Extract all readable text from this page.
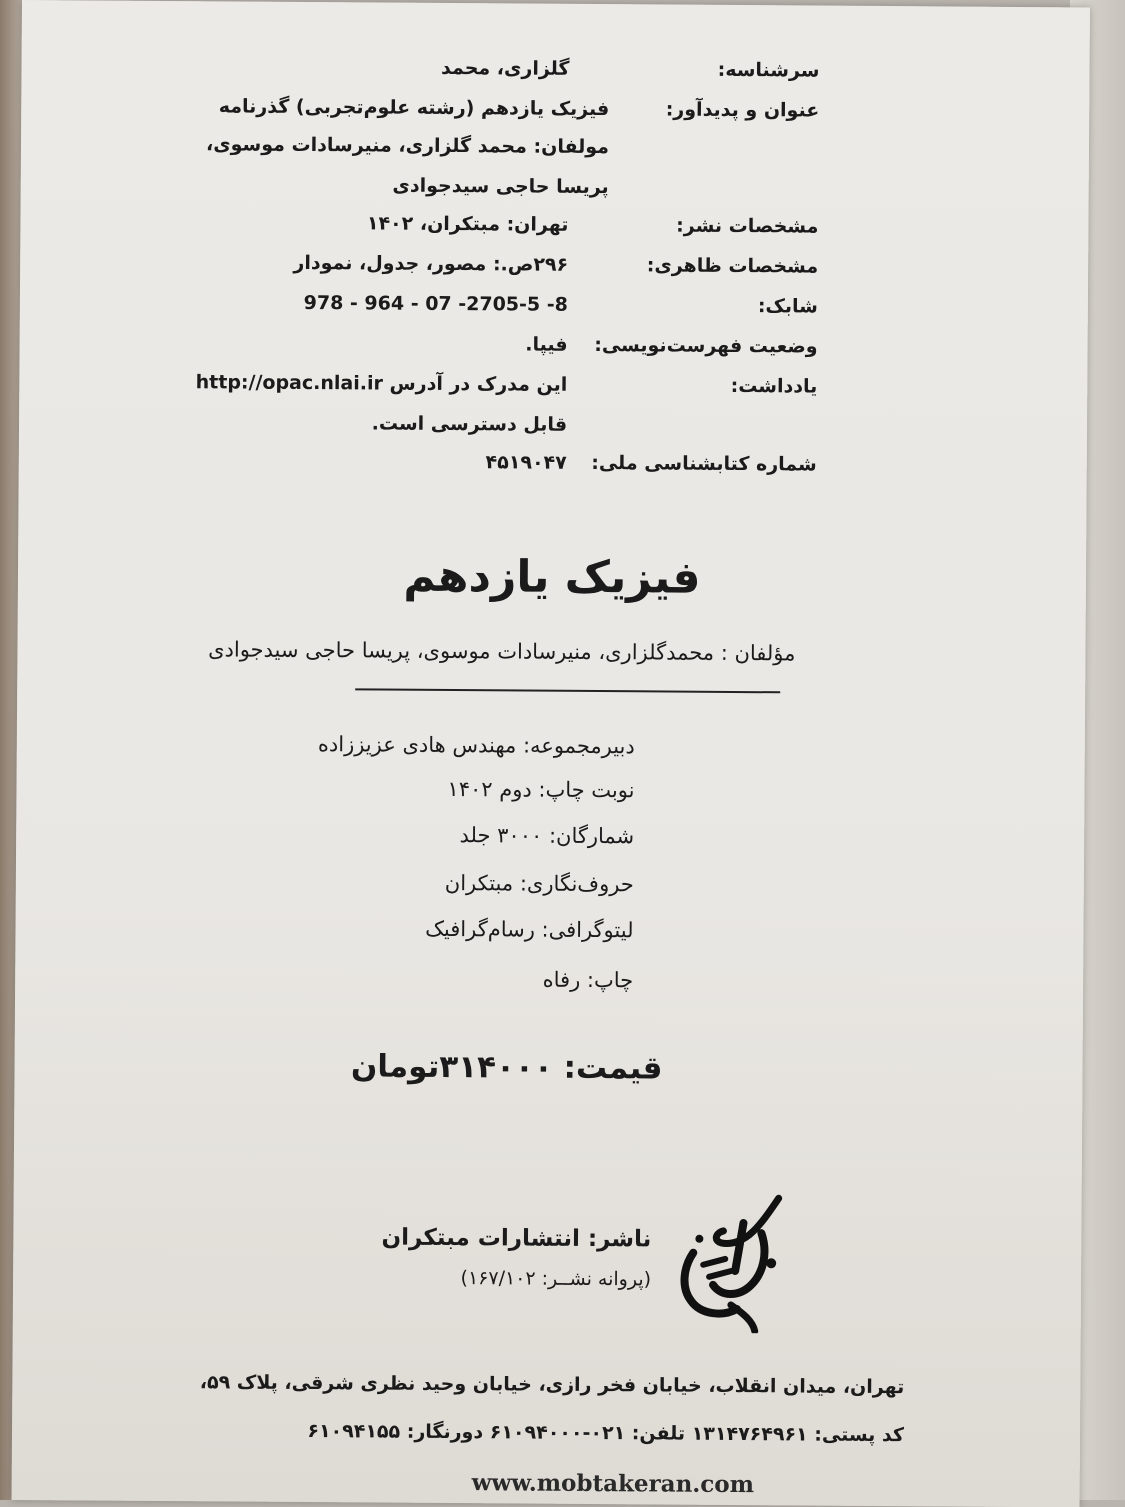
سرشناسه:
گلزاری، محمد
عنوان و پدیدآور:
فیزیک یازدهم (رشته علوم‌تجربی) گذرنامه
مولفان: محمد گلزاری، منیرسادات موسوی،
پریسا حاجی سیدجوادی
مشخصات نشر:
تهران: مبتکران، ۱۴۰۲
مشخصات ظاهری:
۲۹۶ص.: مصور، جدول، نمودار
شابک:
978 - 964 - 07 -2705-5 -8
وضعیت فهرست‌نویسی:
فیپا.
یادداشت:
این مدرک در آدرس http://opac.nlai.ir
قابل دسترسی است.
شماره کتابشناسی ملی:
۴۵۱۹۰۴۷
فیزیک یازدهم
مؤلفان : محمدگلزاری، منیرسادات موسوی، پریسا حاجی سیدجوادی
دبیرمجموعه: مهندس هادی عزیززاده
نوبت چاپ: دوم ۱۴۰۲
شمارگان: ۳۰۰۰ جلد
حروف‌نگاری: مبتکران
لیتوگرافی: رسام‌گرافیک
چاپ: رفاه
قیمت: ۳۱۴۰۰۰تومان
ناشر: انتشارات مبتکران
(پروانه نشــر: ۱۶۷/۱۰۲)
تهران، میدان انقلاب، خیابان فخر رازی، خیابان وحید نظری شرقی، پلاک ۵۹،
کد پستی: ۱۳۱۴۷۶۴۹۶۱ تلفن: ۰۲۱-۶۱۰۹۴۰۰۰ دورنگار: ۶۱۰۹۴۱۵۵
www.mobtakeran.com
